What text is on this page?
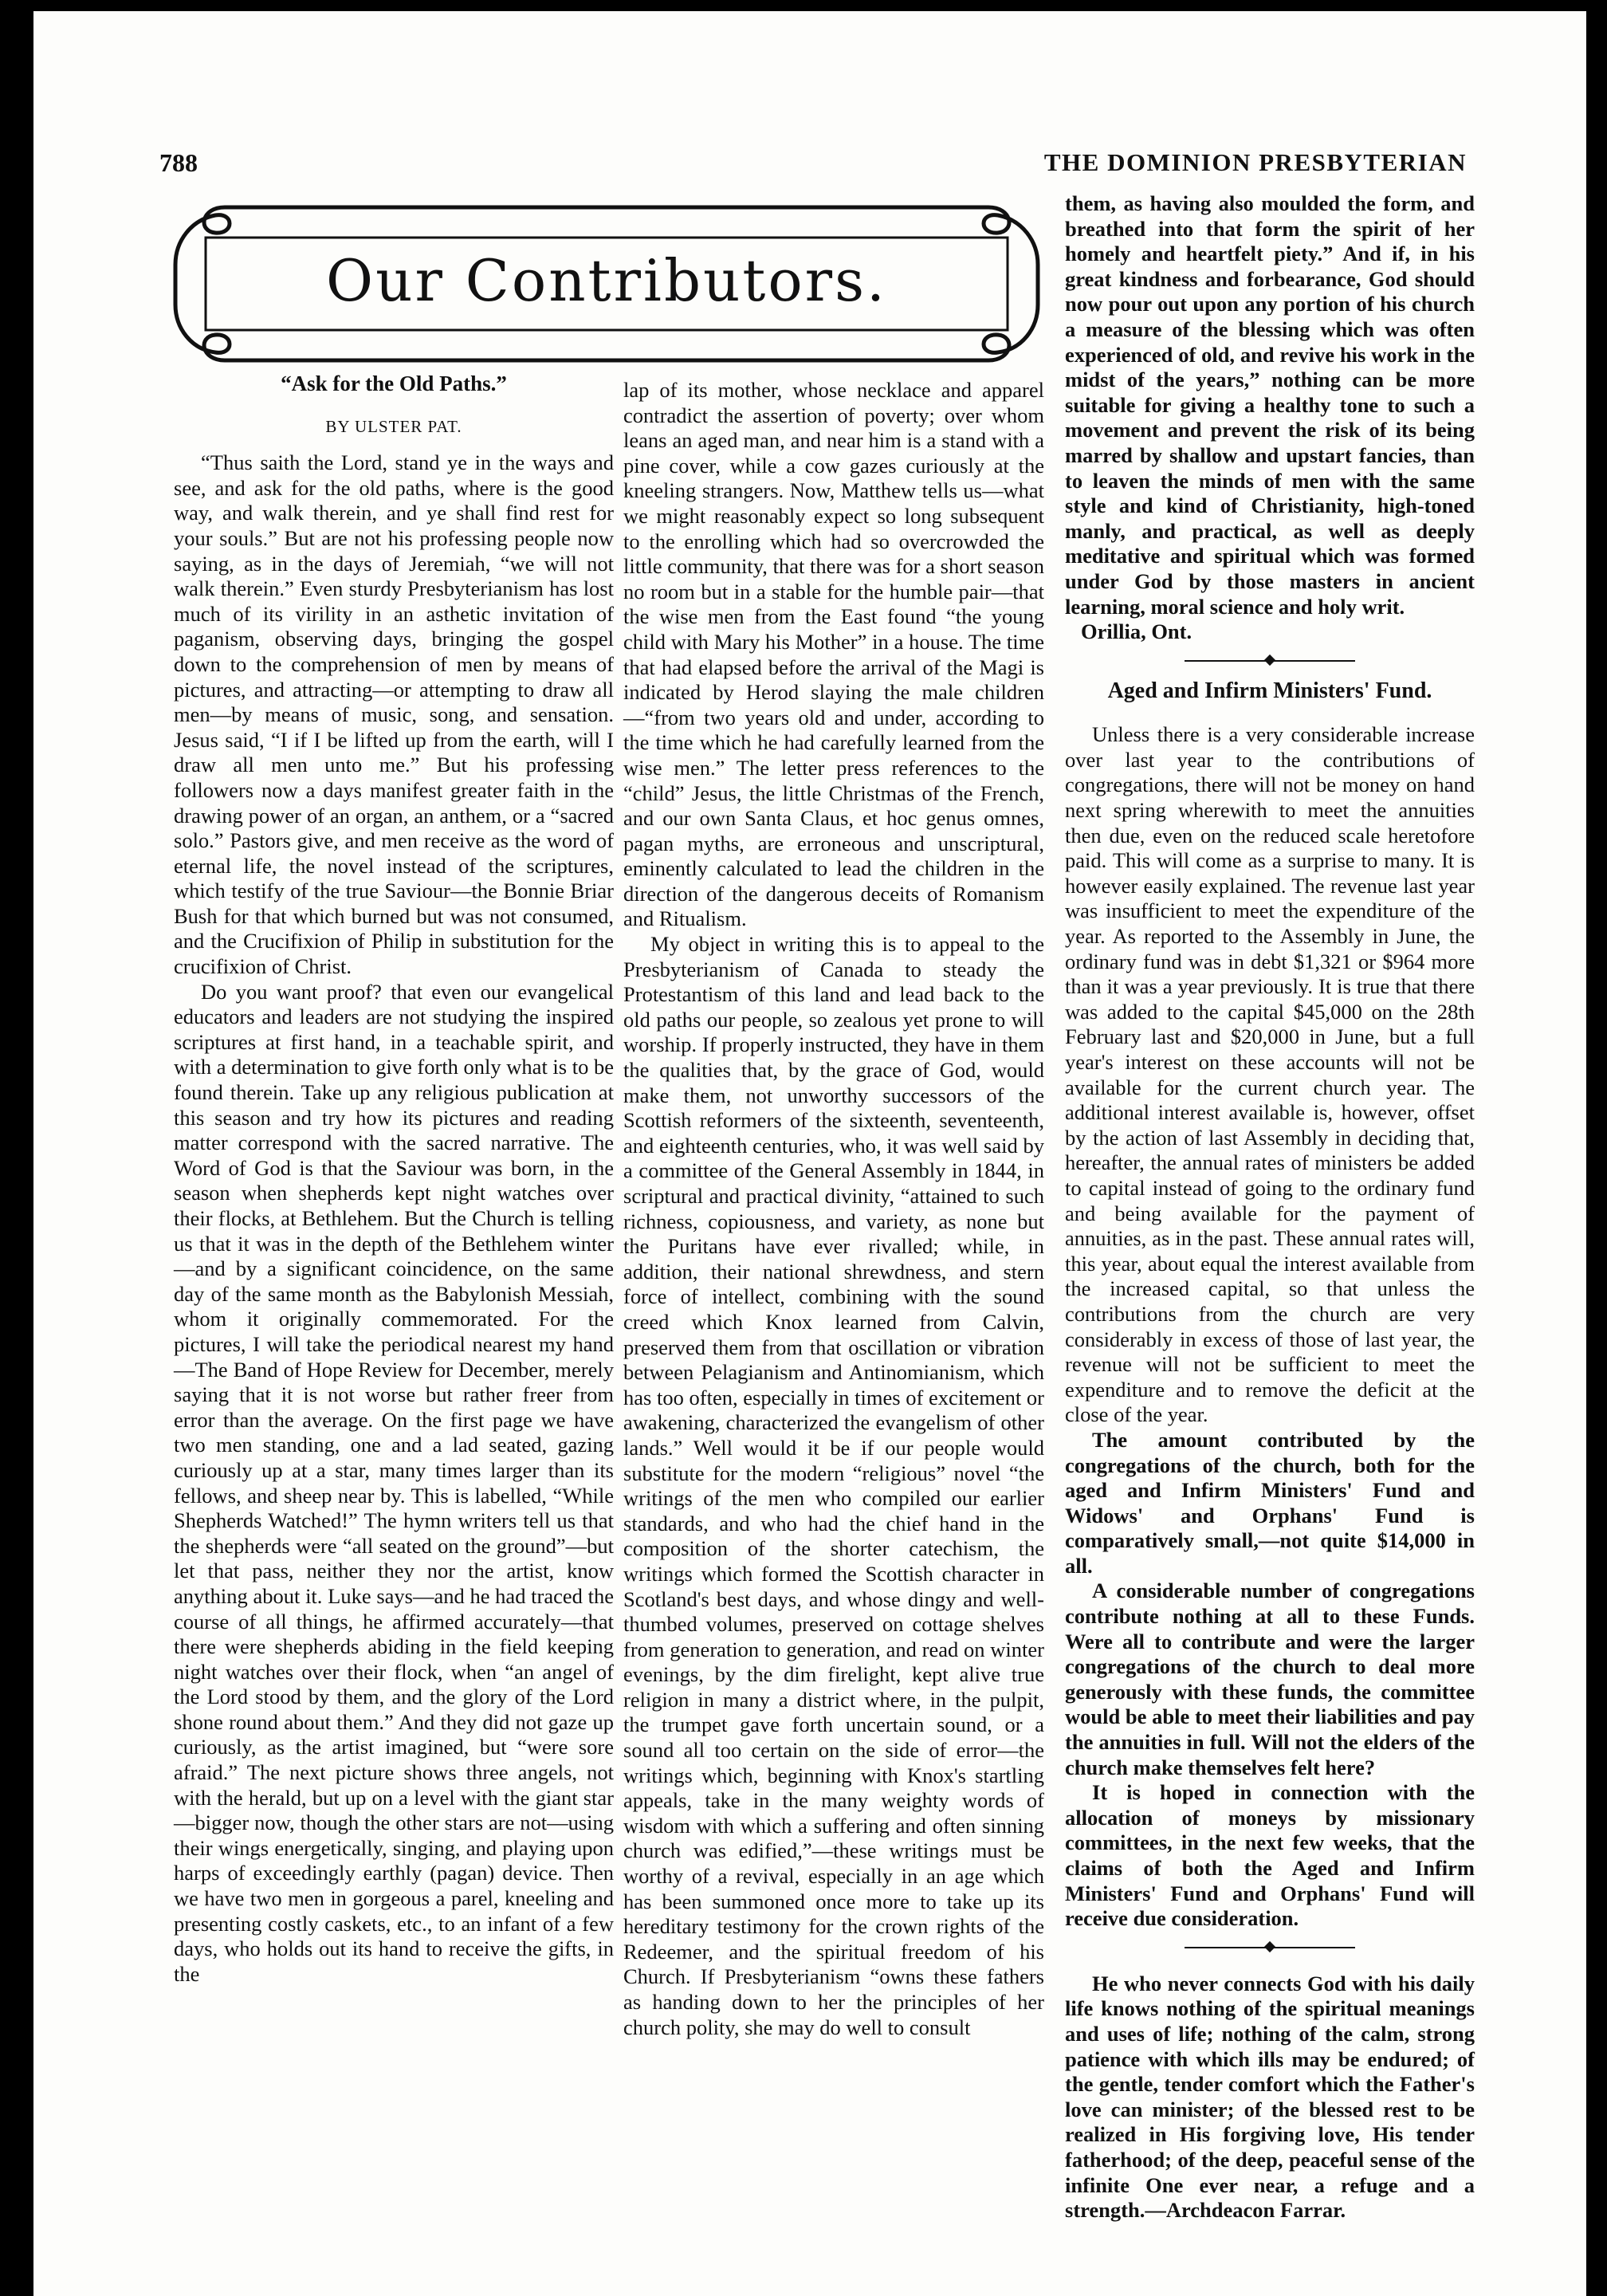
788	THE DOMINION PRESBYTERIAN
Our Contributors.
“Ask for the Old Paths.”
BY ULSTER PAT.

“Thus saith the Lord, stand ye in the ways and see, and ask for the old paths, where is the good way, and walk therein, and ye shall find rest for your souls.” But are not his professing people now saying, as in the days of Jeremiah, “we will not walk therein.” Even sturdy Presbyterianism has lost much of its virility in an asthetic invitation of paganism, observing days, bringing the gospel down to the comprehension of men by means of pictures, and attracting—or attempting to draw all men—by means of music, song, and sensation. Jesus said, “I if I be lifted up from the earth, will I draw all men unto me.” But his professing followers now a days manifest greater faith in the drawing power of an organ, an anthem, or a “sacred solo.” Pastors give, and men receive as the word of eternal life, the novel instead of the scriptures, which testify of the true Saviour—the Bonnie Briar Bush for that which burned but was not consumed, and the Crucifixion of Philip in substitution for the crucifixion of Christ.

Do you want proof? that even our evangelical educators and leaders are not studying the inspired scriptures at first hand, in a teachable spirit, and with a determination to give forth only what is to be found therein. Take up any religious publication at this season and try how its pictures and reading matter correspond with the sacred narrative. The Word of God is that the Saviour was born, in the season when shepherds kept night watches over their flocks, at Bethlehem. But the Church is telling us that it was in the depth of the Bethlehem winter—and by a significant coincidence, on the same day of the same month as the Babylonish Messiah, whom it originally commemorated. For the pictures, I will take the periodical nearest my hand—The Band of Hope Review for December, merely saying that it is not worse but rather freer from error than the average. On the first page we have two men standing, one and a lad seated, gazing curiously up at a star, many times larger than its fellows, and sheep near by. This is labelled, “While Shepherds Watched!” The hymn writers tell us that the shepherds were “all seated on the ground”—but let that pass, neither they nor the artist, know anything about it. Luke says—and he had traced the course of all things, he affirmed accurately—that there were shepherds abiding in the field keeping night watches over their flock, when “an angel of the Lord stood by them, and the glory of the Lord shone round about them.” And they did not gaze up curiously, as the artist imagined, but “were sore afraid.” The next picture shows three angels, not with the herald, but up on a level with the giant star—bigger now, though the other stars are not—using their wings energetically, singing, and playing upon harps of exceedingly earthly (pagan) device. Then we have two men in gorgeous a parel, kneeling and presenting costly caskets, etc., to an infant of a few days, who holds out its hand to receive the gifts, in the

lap of its mother, whose necklace and apparel contradict the assertion of poverty; over whom leans an aged man, and near him is a stand with a pine cover, while a cow gazes curiously at the kneeling strangers. Now, Matthew tells us—what we might reasonably expect so long subsequent to the enrolling which had so overcrowded the little community, that there was for a short season no room but in a stable for the humble pair—that the wise men from the East found “the young child with Mary his Mother” in a house. The time that had elapsed before the arrival of the Magi is indicated by Herod slaying the male children—“from two years old and under, according to the time which he had carefully learned from the wise men.” The letter press references to the “child” Jesus, the little Christmas of the French, and our own Santa Claus, et hoc genus omnes, pagan myths, are erroneous and unscriptural, eminently calculated to lead the children in the direction of the dangerous deceits of Romanism and Ritualism.

My object in writing this is to appeal to the Presbyterianism of Canada to steady the Protestantism of this land and lead back to the old paths our people, so zealous yet prone to will worship. If properly instructed, they have in them the qualities that, by the grace of God, would make them, not unworthy successors of the Scottish reformers of the sixteenth, seventeenth, and eighteenth centuries, who, it was well said by a committee of the General Assembly in 1844, in scriptural and practical divinity, “attained to such richness, copiousness, and variety, as none but the Puritans have ever rivalled; while, in addition, their national shrewdness, and stern force of intellect, combining with the sound creed which Knox learned from Calvin, preserved them from that oscillation or vibration between Pelagianism and Antinomianism, which has too often, especially in times of excitement or awakening, characterized the evangelism of other lands.” Well would it be if our people would substitute for the modern “religious” novel “the writings of the men who compiled our earlier standards, and who had the chief hand in the composition of the shorter catechism, the writings which formed the Scottish character in Scotland's best days, and whose dingy and well-thumbed volumes, preserved on cottage shelves from generation to generation, and read on winter evenings, by the dim firelight, kept alive true religion in many a district where, in the pulpit, the trumpet gave forth uncertain sound, or a sound all too certain on the side of error—the writings which, beginning with Knox's startling appeals, take in the many weighty words of wisdom with which a suffering and often sinning church was edified,”—these writings must be worthy of a revival, especially in an age which has been summoned once more to take up its hereditary testimony for the crown rights of the Redeemer, and the spiritual freedom of his Church. If Presbyterianism “owns these fathers as handing down to her the principles of her church polity, she may do well to consult

them, as having also moulded the form, and breathed into that form the spirit of her homely and heartfelt piety.” And if, in his great kindness and forbearance, God should now pour out upon any portion of his church a measure of the blessing which was often experienced of old, and revive his work in the midst of the years,” nothing can be more suitable for giving a healthy tone to such a movement and prevent the risk of its being marred by shallow and upstart fancies, than to leaven the minds of men with the same style and kind of Christianity, high-toned manly, and practical, as well as deeply meditative and spiritual which was formed under God by those masters in ancient learning, moral science and holy writ.

Orillia, Ont.

Aged and Infirm Ministers' Fund.

Unless there is a very considerable increase over last year to the contributions of congregations, there will not be money on hand next spring wherewith to meet the annuities then due, even on the reduced scale heretofore paid. This will come as a surprise to many. It is however easily explained. The revenue last year was insufficient to meet the expenditure of the year. As reported to the Assembly in June, the ordinary fund was in debt $1,321 or $964 more than it was a year previously. It is true that there was added to the capital $45,000 on the 28th February last and $20,000 in June, but a full year's interest on these accounts will not be available for the current church year. The additional interest available is, however, offset by the action of last Assembly in deciding that, hereafter, the annual rates of ministers be added to capital instead of going to the ordinary fund and being available for the payment of annuities, as in the past. These annual rates will, this year, about equal the interest available from the increased capital, so that unless the contributions from the church are very considerably in excess of those of last year, the revenue will not be sufficient to meet the expenditure and to remove the deficit at the close of the year.

The amount contributed by the congregations of the church, both for the aged and Infirm Ministers' Fund and Widows' and Orphans' Fund is comparatively small,—not quite $14,000 in all.

A considerable number of congregations contribute nothing at all to these Funds. Were all to contribute and were the larger congregations of the church to deal more generously with these funds, the committee would be able to meet their liabilities and pay the annuities in full. Will not the elders of the church make themselves felt here?

It is hoped in connection with the allocation of moneys by missionary committees, in the next few weeks, that the claims of both the Aged and Infirm Ministers' Fund and Orphans' Fund will receive due consideration.

He who never connects God with his daily life knows nothing of the spiritual meanings and uses of life; nothing of the calm, strong patience with which ills may be endured; of the gentle, tender comfort which the Father's love can minister; of the blessed rest to be realized in His forgiving love, His tender fatherhood; of the deep, peaceful sense of the infinite One ever near, a refuge and a strength.—Archdeacon Farrar.
